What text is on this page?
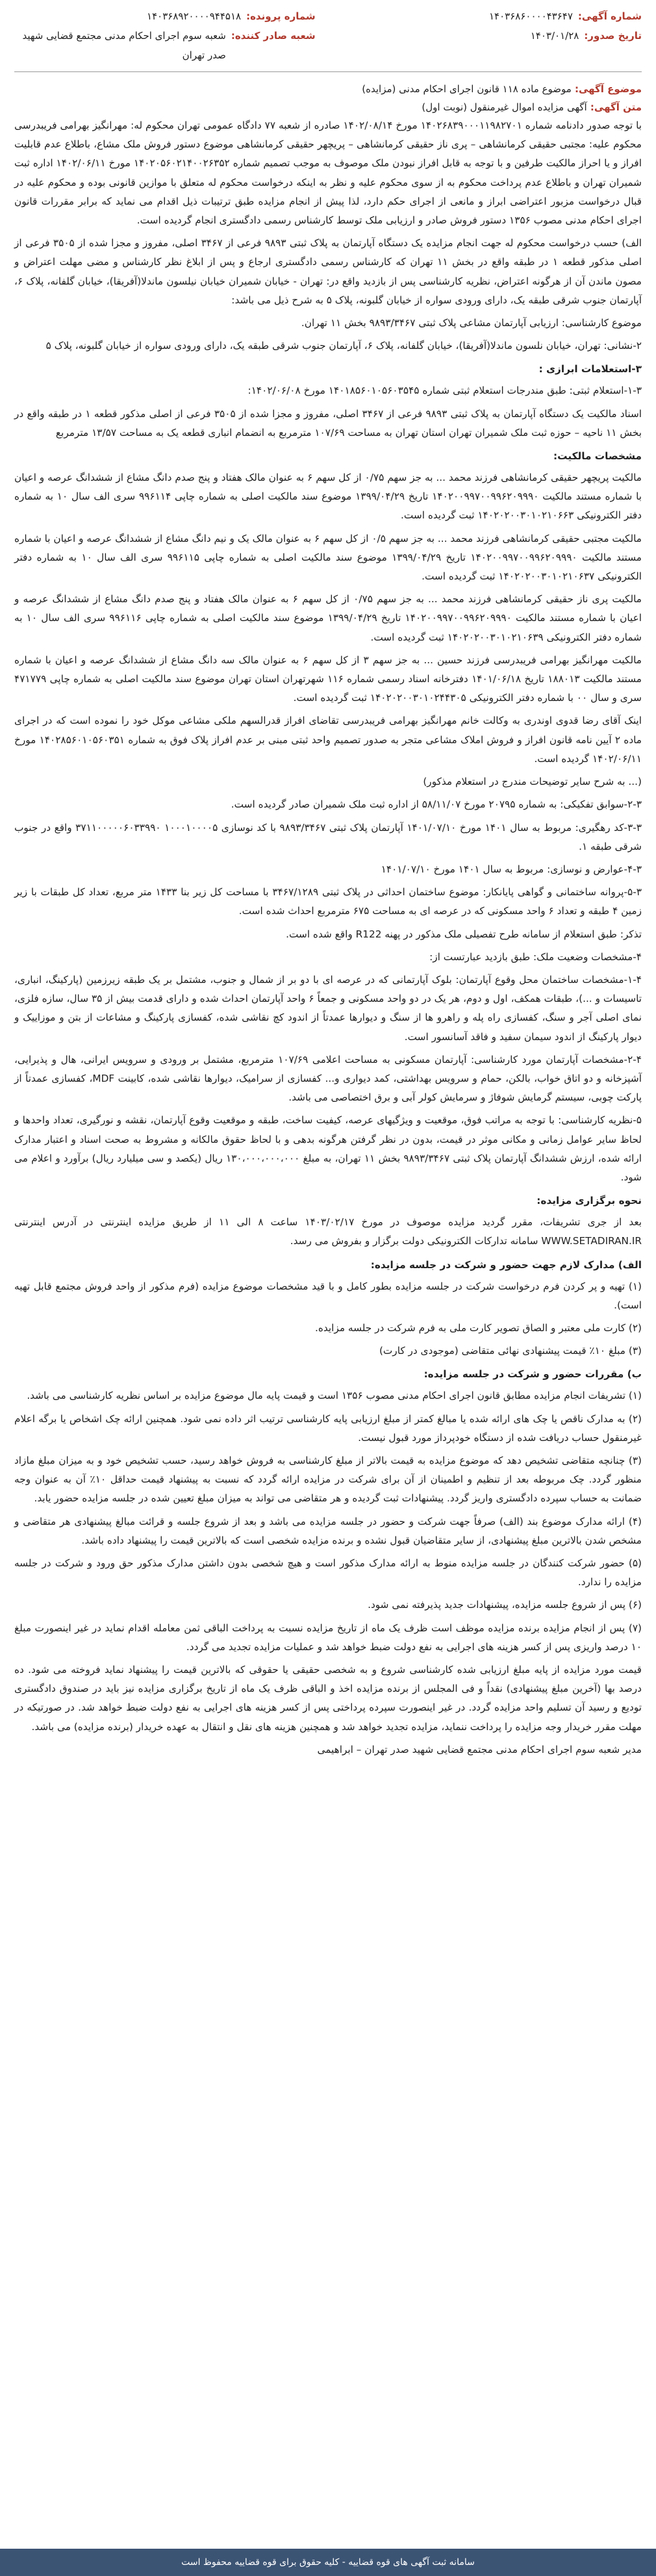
شماره آگهی:
۱۴۰۳۶۸۶۰۰۰۰۴۳۶۴۷
تاریخ صدور:
۱۴۰۳/۰۱/۲۸
شماره پرونده:
۱۴۰۳۶۸۹۲۰۰۰۰۹۴۴۵۱۸
شعبه صادر کننده:
شعبه سوم اجرای احکام مدنی مجتمع قضایی شهید صدر تهران
موضوع آگهی: موضوع ماده ۱۱۸ قانون اجرای احکام مدنی (مزایده)
متن آگهی: آگهی مزایده اموال غیرمنقول (نوبت اول)

با توجه صدور دادنامه شماره ۱۴۰۲۶۸۳۹۰۰۰۱۱۹۸۲۷۰۱ مورخ ۱۴۰۲/۰۸/۱۴ صادره از شعبه ۷۷ دادگاه عمومی تهران محکوم له: مهرانگیز بهرامی فریبدرسی محکوم علیه: مجتبی حقیقی کرمانشاهی – پری ناز حقیقی کرمانشاهی – پریچهر حقیقی کرمانشاهی موضوع دستور فروش ملک مشاع، باطلاع عدم قابلیت افراز و یا احراز مالکیت طرفین و با توجه به قابل افراز نبودن ملک موصوف به موجب تصمیم شماره ۱۴۰۲۰۵۶۰۲۱۴۰۰۲۶۳۵۲ مورخ ۱۴۰۲/۰۶/۱۱ اداره ثبت شمیران تهران و باطلاع عدم پرداخت محکوم به از سوی محکوم علیه و نظر به اینکه درخواست محکوم له متعلق با موازین قانونی بوده و محکوم علیه در قبال درخواست مزبور اعتراضی ابراز و مانعی از اجرای حکم دارد، لذا پیش از انجام مزایده طبق ترتیبات ذیل اقدام می نماید که برابر مقررات قانون اجرای احکام مدنی مصوب ۱۳۵۶ دستور فروش صادر و ارزیابی ملک توسط کارشناس رسمی دادگستری انجام گردیده است.

الف) حسب درخواست محکوم له جهت انجام مزایده یک دستگاه آپارتمان به پلاک ثبتی ۹۸۹۳ فرعی از ۳۴۶۷ اصلی، مفروز و مجزا شده از ۳۵۰۵ فرعی از اصلی مذکور قطعه ۱ در طبقه واقع در بخش ۱۱ تهران که کارشناس رسمی دادگستری ارجاع و پس از ابلاغ نظر کارشناس و مضی مهلت اعتراض و مصون ماندن آن از هرگونه اعتراض، نظریه کارشناسی پس از بازدید واقع در: تهران - خیابان شمیران خیابان نیلسون ماندلا(آفریقا)، خیابان گلفانه، پلاک ۶، آپارتمان جنوب شرقی طبقه یک، دارای ورودی سواره از خیابان گلبونه، پلاک ۵ به شرح ذیل می باشد:

موضوع کارشناسی: ارزیابی آپارتمان مشاعی پلاک ثبتی ۹۸۹۳/۳۴۶۷ بخش ۱۱ تهران.

۲-نشانی: تهران، خیابان نلسون ماندلا(آفریقا)، خیابان گلفانه، پلاک ۶، آپارتمان جنوب شرقی طبقه یک، دارای ورودی سواره از خیابان گلبونه، پلاک ۵

۳-استعلامات ابرازی :

۱-۳-استعلام ثبتی: طبق مندرجات استعلام ثبتی شماره ۱۴۰۱۸۵۶۰۱۰۵۶۰۳۵۴۵ مورخ ۱۴۰۲/۰۶/۰۸:

اسناد مالکیت یک دستگاه آپارتمان به پلاک ثبتی ۹۸۹۳ فرعی از ۳۴۶۷ اصلی، مفروز و مجزا شده از ۳۵۰۵ فرعی از اصلی مذکور قطعه ۱ در طبقه واقع در بخش ۱۱ ناحیه – حوزه ثبت ملک شمیران تهران استان تهران به مساحت ۱۰۷/۶۹ مترمربع به انضمام انباری قطعه یک به مساحت ۱۳/۵۷ مترمربع

مشخصات مالکیت:

مالکیت پریچهر حقیقی کرمانشاهی فرزند محمد ... به جز سهم ۰/۷۵ از کل سهم ۶ به عنوان مالک هفتاد و پنج صدم دانگ مشاع از ششدانگ عرصه و اعیان با شماره مستند مالکیت ۱۴۰۲۰۰۹۹۷۰۰۹۹۶۲۰۹۹۹۰ تاریخ ۱۳۹۹/۰۴/۲۹ موضوع سند مالکیت اصلی به شماره چاپی ۹۹۶۱۱۴ سری الف سال ۱۰ به شماره دفتر الکترونیکی ۱۴۰۲۰۲۰۰۳۰۱۰۲۱۰۶۶۳ ثبت گردیده است.

مالکیت مجتبی حقیقی کرمانشاهی فرزند محمد ... به جز سهم ۰/۵ از کل سهم ۶ به عنوان مالک یک و نیم دانگ مشاع از ششدانگ عرصه و اعیان با شماره مستند مالکیت ۱۴۰۲۰۰۹۹۷۰۰۹۹۶۲۰۹۹۹۰ تاریخ ۱۳۹۹/۰۴/۲۹ موضوع سند مالکیت اصلی به شماره چاپی ۹۹۶۱۱۵ سری الف سال ۱۰ به شماره دفتر الکترونیکی ۱۴۰۲۰۲۰۰۳۰۱۰۲۱۰۶۳۷ ثبت گردیده است.

مالکیت پری ناز حقیقی کرمانشاهی فرزند محمد ... به جز سهم ۰/۷۵ از کل سهم ۶ به عنوان مالک هفتاد و پنج صدم دانگ مشاع از ششدانگ عرصه و اعیان با شماره مستند مالکیت ۱۴۰۲۰۰۹۹۷۰۰۹۹۶۲۰۹۹۹۰ تاریخ ۱۳۹۹/۰۴/۲۹ موضوع سند مالکیت اصلی به شماره چاپی ۹۹۶۱۱۶ سری الف سال ۱۰ به شماره دفتر الکترونیکی ۱۴۰۲۰۲۰۰۳۰۱۰۲۱۰۶۳۹ ثبت گردیده است.

مالکیت مهرانگیز بهرامی فریبدرسی فرزند حسین ... به جز سهم ۳ از کل سهم ۶ به عنوان مالک سه دانگ مشاع از ششدانگ عرصه و اعیان با شماره مستند مالکیت ۱۸۸۰۱۳ تاریخ ۱۴۰۱/۰۶/۱۸ دفترخانه اسناد رسمی شماره ۱۱۶ شهرتهران استان تهران موضوع سند مالکیت اصلی به شماره چاپی ۴۷۱۷۷۹ سری و سال ۰۰ با شماره دفتر الکترونیکی ۱۴۰۲۰۲۰۰۳۰۱۰۲۴۴۳۰۵ ثبت گردیده است.

اینک آقای رضا قدوی اوندری به وکالت خانم مهرانگیز بهرامی فریبدرسی تقاضای افراز قدرالسهم ملکی مشاعی موکل خود را نموده است که در اجرای ماده ۲ آیین نامه قانون افراز و فروش املاک مشاعی متجر به صدور تصمیم واحد ثبتی مبنی بر عدم افراز پلاک فوق به شماره ۱۴۰۲۸۵۶۰۱۰۵۶۰۳۵۱ مورخ ۱۴۰۲/۰۶/۱۱ گردیده است.

(... به شرح سایر توضیحات مندرج در استعلام مذکور)

۲-۳-سوابق تفکیکی: به شماره ۲۰۷۹۵ مورخ ۵۸/۱۱/۰۷ از اداره ثبت ملک شمیران صادر گردیده است.

۳-۳-کد رهگیری: مربوط به سال ۱۴۰۱ مورخ ۱۴۰۱/۰۷/۱۰ آپارتمان پلاک ثبتی ۹۸۹۳/۳۴۶۷ با کد نوسازی ۱۰۰۰۱۰۰۰۰۵ ۳۷۱۱۰۰۰۰۰۶۰۳۳۹۹۰ واقع در جنوب شرقی طبقه ۱.

۴-۳-عوارض و نوسازی: مربوط به سال ۱۴۰۱ مورخ ۱۴۰۱/۰۷/۱۰

۵-۳-پروانه ساختمانی و گواهی پایانکار: موضوع ساختمان احداثی در پلاک ثبتی ۳۴۶۷/۱۲۸۹ با مساحت کل زیر بنا ۱۴۳۳ متر مربع، تعداد کل طبقات با زیر زمین ۴ طبقه و تعداد ۶ واحد مسکونی که در عرصه ای به مساحت ۶۷۵ مترمربع احداث شده است.

تذکر: طبق استعلام از سامانه طرح تفصیلی ملک مذکور در پهنه R122 واقع شده است.

۴-مشخصات وضعیت ملک: طبق بازدید عبارتست از:

۱-۴-مشخصات ساختمان محل وقوع آپارتمان: بلوک آپارتمانی که در عرصه ای با دو بر از شمال و جنوب، مشتمل بر یک طبقه زیرزمین (پارکینگ، انباری، تاسیسات و ...)، طبقات همکف، اول و دوم، هر یک در دو واحد مسکونی و جمعاً ۶ واحد آپارتمان احداث شده و دارای قدمت بیش از ۳۵ سال، سازه فلزی، نمای اصلی آجر و سنگ، کفسازی راه پله و راهرو ها از سنگ و دیوارها عمدتاً از اندود کچ نقاشی شده، کفسازی پارکینگ و مشاعات از بتن و موزاییک و دیوار پارکینگ از اندود سیمان سفید و فاقد آسانسور است.

۲-۴-مشخصات آپارتمان مورد کارشناسی: آپارتمان مسکونی به مساحت اعلامی ۱۰۷/۶۹ مترمربع، مشتمل بر ورودی و سرویس ایرانی، هال و پذیرایی، آشپزخانه و دو اتاق خواب، بالکن، حمام و سرویس بهداشتی، کمد دیواری و... کفسازی از سرامیک، دیوارها نقاشی شده، کابینت MDF، کفسازی عمدتاً از پارکت چوبی، سیستم گرمایش شوفاژ و سرمایش کولر آبی و برق اختصاصی می باشد.

۵-نظریه کارشناسی: با توجه به مراتب فوق، موقعیت و ویژگیهای عرصه، کیفیت ساخت، طبقه و موقعیت وقوع آپارتمان، نقشه و نورگیری، تعداد واحدها و لحاظ سایر عوامل زمانی و مکانی موثر در قیمت، بدون در نظر گرفتن هرگونه بدهی و با لحاظ حقوق مالکانه و مشروط به صحت اسناد و اعتبار مدارک ارائه شده، ارزش ششدانگ آپارتمان پلاک ثبتی ۹۸۹۳/۳۴۶۷ بخش ۱۱ تهران، به مبلغ ۱۳۰،۰۰۰،۰۰۰،۰۰۰ ریال (یکصد و سی میلیارد ریال) برآورد و اعلام می شود.

نحوه برگزاری مزایده:

بعد از جری تشریفات، مقرر گردید مزایده موصوف در مورخ ۱۴۰۳/۰۲/۱۷ ساعت ۸ الی ۱۱ از طریق مزایده اینترنتی در آدرس اینترنتی WWW.SETADIRAN.IR سامانه تدارکات الکترونیکی دولت برگزار و بفروش می رسد.

الف) مدارک لازم جهت حضور و شرکت در جلسه مزایده:

(۱) تهیه و پر کردن فرم درخواست شرکت در جلسه مزایده بطور کامل و با قید مشخصات موضوع مزایده (فرم مذکور از واحد فروش مجتمع قابل تهیه است).

(۲) کارت ملی معتبر و الصاق تصویر کارت ملی به فرم شرکت در جلسه مزایده.

(۳) مبلغ ۱۰٪ قیمت پیشنهادی نهائی متقاضی (موجودی در کارت)

ب) مقررات حضور و شرکت در جلسه مزایده:

(۱) تشریفات انجام مزایده مطابق قانون اجرای احکام مدنی مصوب ۱۳۵۶ است و قیمت پایه مال موضوع مزایده بر اساس نظریه کارشناسی می باشد.

(۲) به مدارک ناقص یا چک های ارائه شده یا مبالغ کمتر از مبلغ ارزیابی پایه کارشناسی ترتیب اثر داده نمی شود. همچنین ارائه چک اشخاص یا برگه اعلام غیرمنقول حساب دریافت شده از دستگاه خودپرداز مورد قبول نیست.

(۳) چنانچه متقاضی تشخیص دهد که موضوع مزایده به قیمت بالاتر از مبلغ کارشناسی به فروش خواهد رسید، حسب تشخیص خود و به میزان مبلغ مازاد منظور گردد. چک مربوطه بعد از تنظیم و اطمینان از آن برای شرکت در مزایده ارائه گردد که نسبت به پیشنهاد قیمت حداقل ۱۰٪ آن به عنوان وجه ضمانت به حساب سپرده دادگستری واریز گردد. پیشنهادات ثبت گردیده و هر متقاضی می تواند به میزان مبلغ تعیین شده در جلسه مزایده حضور یابد.

(۴) ارائه مدارک موضوع بند (الف) صرفاً جهت شرکت و حضور در جلسه مزایده می باشد و بعد از شروع جلسه و قرائت مبالغ پیشنهادی هر متقاضی و مشخص شدن بالاترین مبلغ پیشنهادی، از سایر متقاضیان قبول نشده و برنده مزایده شخصی است که بالاترین قیمت را پیشنهاد داده باشد.

(۵) حضور شرکت کنندگان در جلسه مزایده منوط به ارائه مدارک مذکور است و هیچ شخصی بدون داشتن مدارک مذکور حق ورود و شرکت در جلسه مزایده را ندارد.

(۶) پس از شروع جلسه مزایده، پیشنهادات جدید پذیرفته نمی شود.

(۷) پس از انجام مزایده برنده مزایده موظف است ظرف یک ماه از تاریخ مزایده نسبت به پرداخت الباقی ثمن معامله اقدام نماید در غیر اینصورت مبلغ ۱۰ درصد واریزی پس از کسر هزینه های اجرایی به نفع دولت ضبط خواهد شد و عملیات مزایده تجدید می گردد.

قیمت مورد مزایده از پایه مبلغ ارزیابی شده کارشناسی شروع و به شخصی حقیقی یا حقوقی که بالاترین قیمت را پیشنهاد نماید فروخته می شود. ده درصد بها (آخرین مبلغ پیشنهادی) نقداً و فی المجلس از برنده مزایده اخذ و الباقی ظرف یک ماه از تاریخ برگزاری مزایده نیز باید در صندوق دادگستری تودیع و رسید آن تسلیم واحد مزایده گردد. در غیر اینصورت سپرده پرداختی پس از کسر هزینه های اجرایی به نفع دولت ضبط خواهد شد. در صورتیکه در مهلت مقرر خریدار وجه مزایده را پرداخت ننماید، مزایده تجدید خواهد شد و همچنین هزینه های نقل و انتقال به عهده خریدار (برنده مزایده) می باشد.

مدیر شعبه سوم اجرای احکام مدنی مجتمع قضایی شهید صدر تهران – ابراهیمی

سامانه ثبت آگهی های قوه قضاییه - کلیه حقوق برای قوه قضاییه محفوظ است
